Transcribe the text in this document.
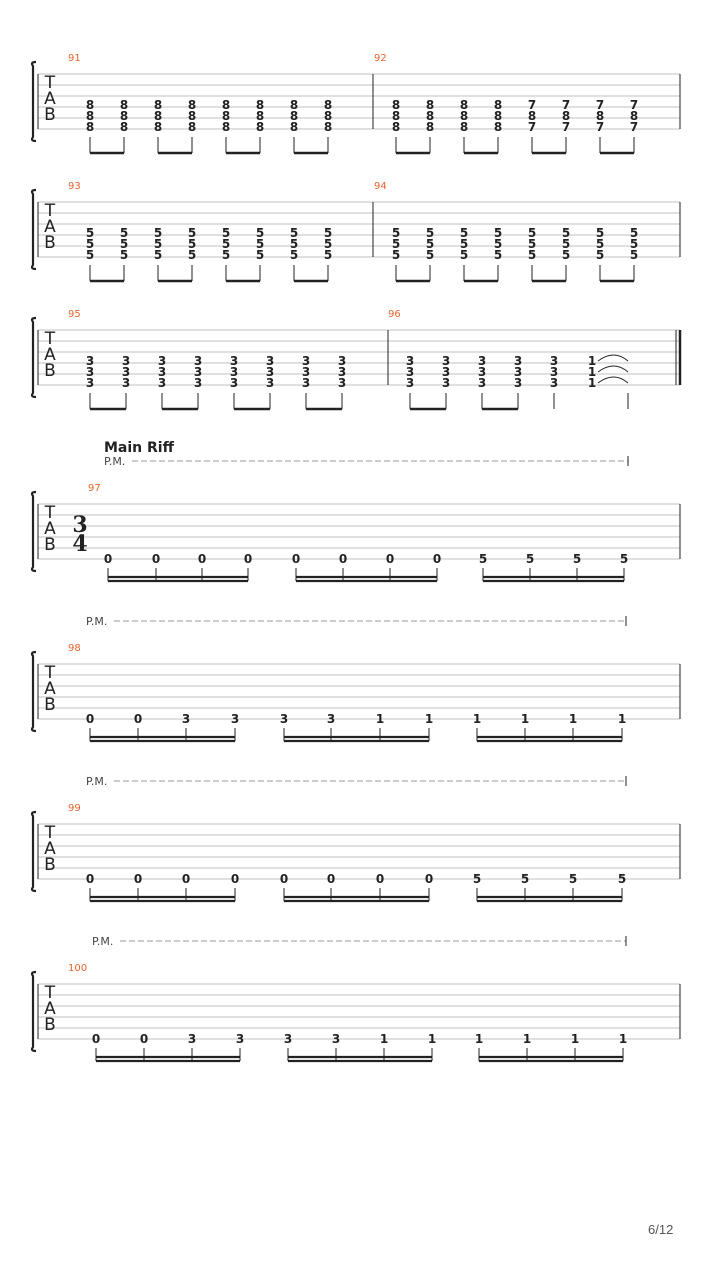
T
A
B
91
8
8
8
8
8
8
8
8
8
8
8
8
8
8
8
8
8
8
8
8
8
8
8
8
92
8
8
8
8
8
8
8
8
8
8
8
8
7
8
7
7
8
7
7
8
7
7
8
7
T
A
B
93
5
5
5
5
5
5
5
5
5
5
5
5
5
5
5
5
5
5
5
5
5
5
5
5
94
5
5
5
5
5
5
5
5
5
5
5
5
5
5
5
5
5
5
5
5
5
5
5
5
T
A
B
95
3
3
3
3
3
3
3
3
3
3
3
3
3
3
3
3
3
3
3
3
3
3
3
3
96
3
3
3
3
3
3
3
3
3
3
3
3
3
3
3
1
1
1
T
A
B
Main Riff
P.M.
3
4
97
0	0	0	0	0	0	0	0	5	5	5	5
T
A
B
P.M.
98
0	0	3	3	3	3	1	1	1	1	1	1
T
A
B
P.M.
99
0	0	0	0	0	0	0	0	5	5	5	5
T
A
B
P.M.
100
0	0	3	3	3	3	1	1	1	1	1	1
6/12
